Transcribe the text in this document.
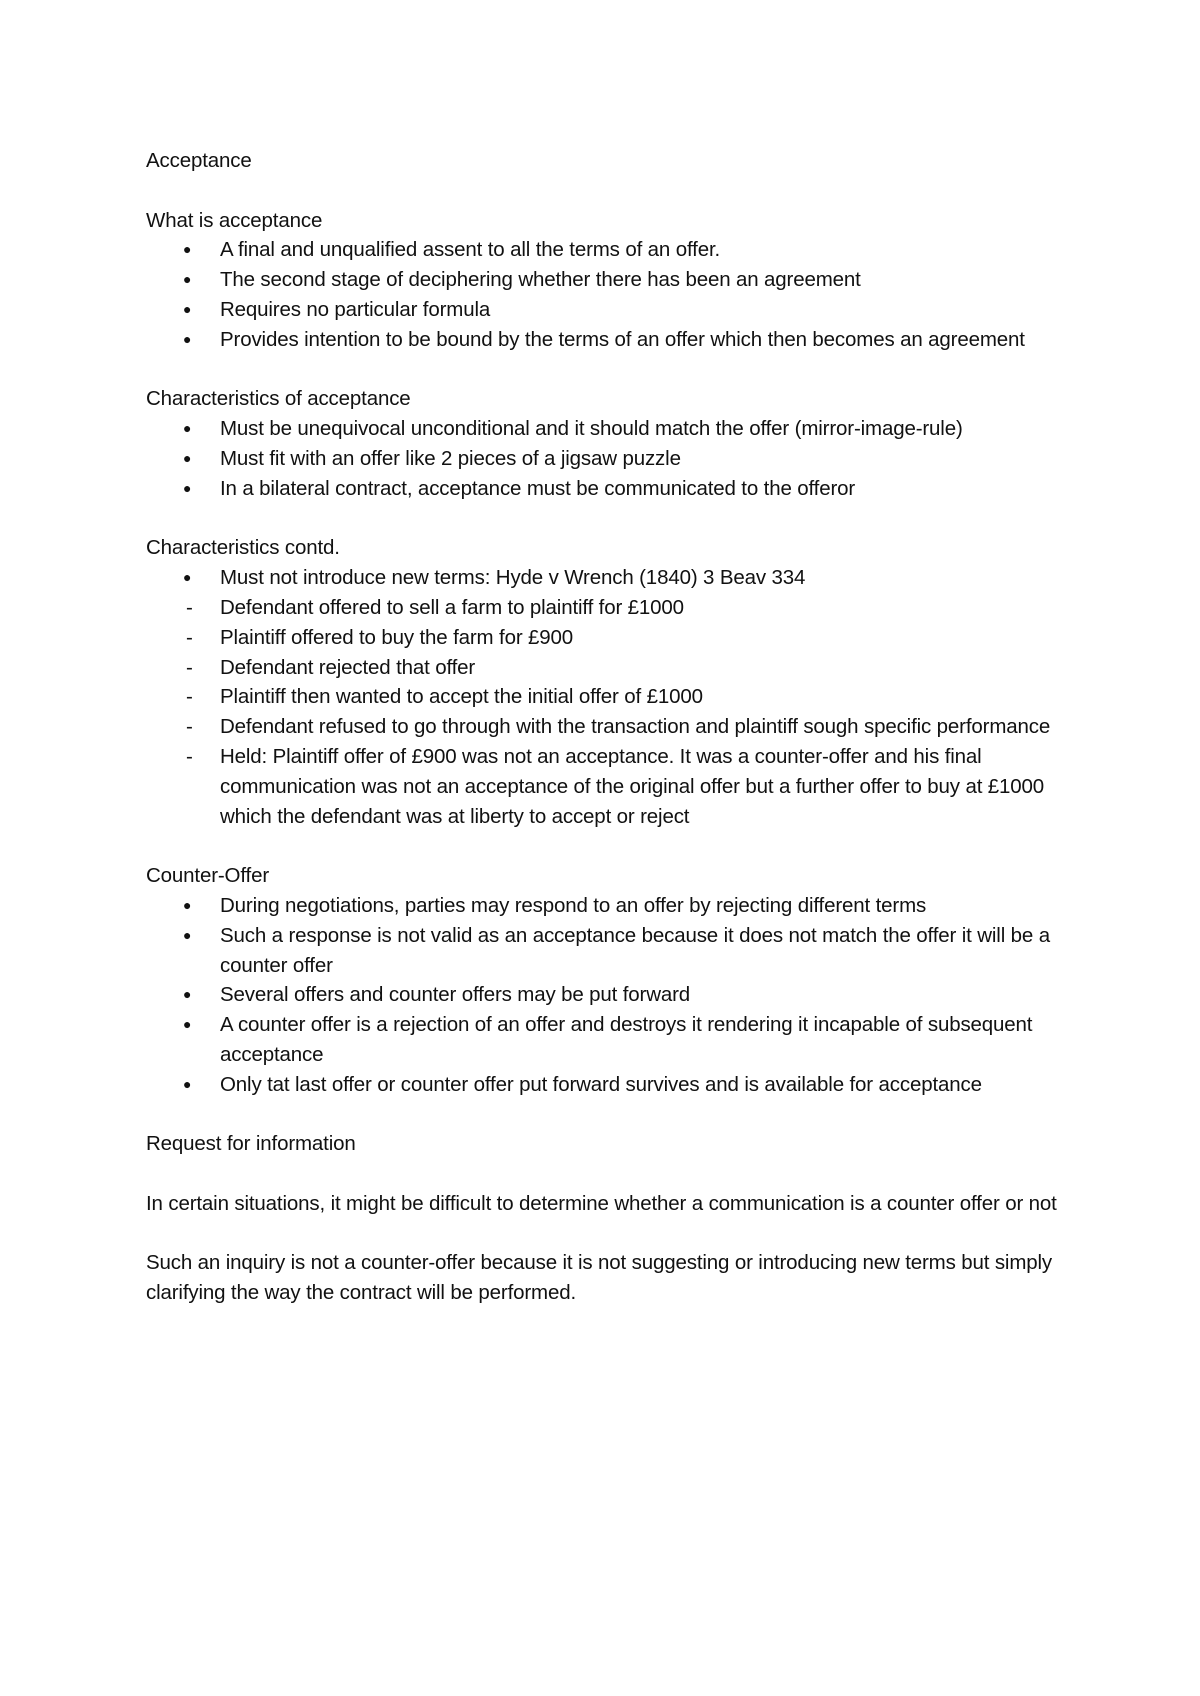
Acceptance

What is acceptance

●	A final and unqualified assent to all the terms of an offer.
●	The second stage of deciphering whether there has been an agreement
●	Requires no particular formula
●	Provides intention to be bound by the terms of an offer which then becomes an agreement

Characteristics of acceptance

●	Must be unequivocal unconditional and it should match the offer (mirror-image-rule)
●	Must fit with an offer like 2 pieces of a jigsaw puzzle
●	In a bilateral contract, acceptance must be communicated to the offeror

Characteristics contd.

●	Must not introduce new terms: Hyde v Wrench (1840) 3 Beav 334
-	Defendant offered to sell a farm to plaintiff for £1000
-	Plaintiff offered to buy the farm for £900
-	Defendant rejected that offer
-	Plaintiff then wanted to accept the initial offer of £1000
-	Defendant refused to go through with the transaction and plaintiff sough specific performance
-	Held: Plaintiff offer of £900 was not an acceptance. It was a counter-offer and his final communication was not an acceptance of the original offer but a further offer to buy at £1000 which the defendant was at liberty to accept or reject

Counter-Offer

●	During negotiations, parties may respond to an offer by rejecting different terms
●	Such a response is not valid as an acceptance because it does not match the offer it will be a counter offer
●	Several offers and counter offers may be put forward
●	A counter offer is a rejection of an offer and destroys it rendering it incapable of subsequent acceptance
●	Only tat last offer or counter offer put forward survives and is available for acceptance

Request for information

In certain situations, it might be difficult to determine whether a communication is a counter offer or not

Such an inquiry is not a counter-offer because it is not suggesting or introducing new terms but simply clarifying the way the contract will be performed.
